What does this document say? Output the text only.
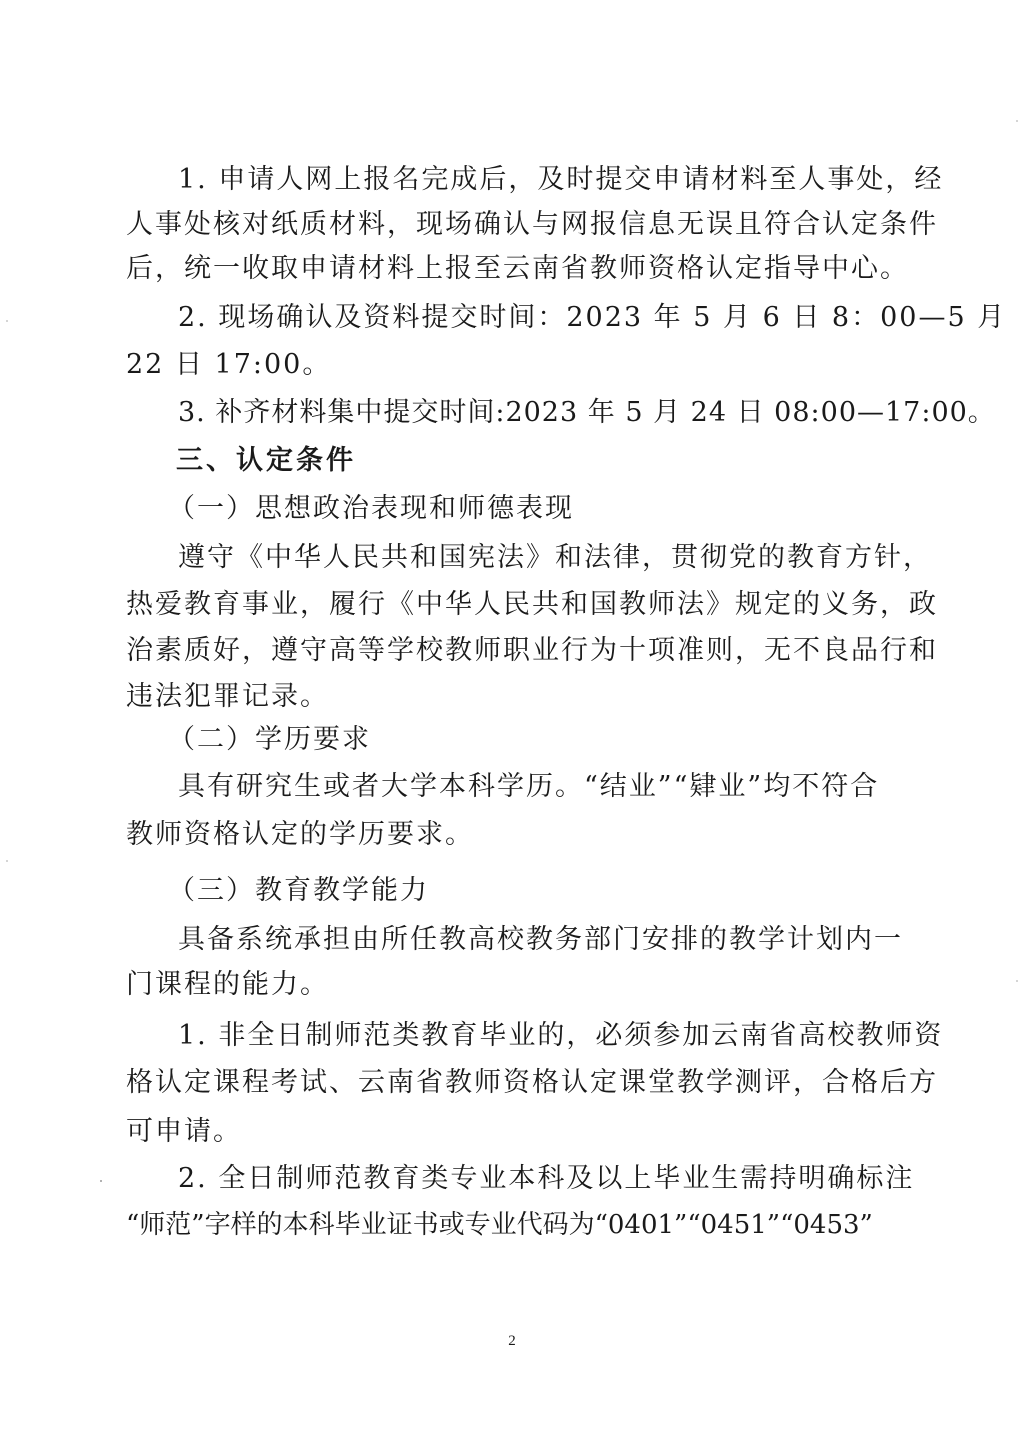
1. 申请人网上报名完成后，及时提交申请材料至人事处，经
人事处核对纸质材料，现场确认与网报信息无误且符合认定条件
后，统一收取申请材料上报至云南省教师资格认定指导中心。
2. 现场确认及资料提交时间：2023 年 5 月 6 日 8：00—5 月
22 日 17:00。
3. 补齐材料集中提交时间:2023 年 5 月 24 日 08:00—17:00。
三、认定条件
（一）思想政治表现和师德表现
遵守《中华人民共和国宪法》和法律，贯彻党的教育方针，
热爱教育事业，履行《中华人民共和国教师法》规定的义务，政
治素质好，遵守高等学校教师职业行为十项准则，无不良品行和
违法犯罪记录。
（二）学历要求
具有研究生或者大学本科学历。“结业”“肄业”均不符合
教师资格认定的学历要求。
（三）教育教学能力
具备系统承担由所任教高校教务部门安排的教学计划内一
门课程的能力。
1. 非全日制师范类教育毕业的，必须参加云南省高校教师资
格认定课程考试、云南省教师资格认定课堂教学测评，合格后方
可申请。
2. 全日制师范教育类专业本科及以上毕业生需持明确标注
“师范”字样的本科毕业证书或专业代码为“0401”“0451”“0453”
2
